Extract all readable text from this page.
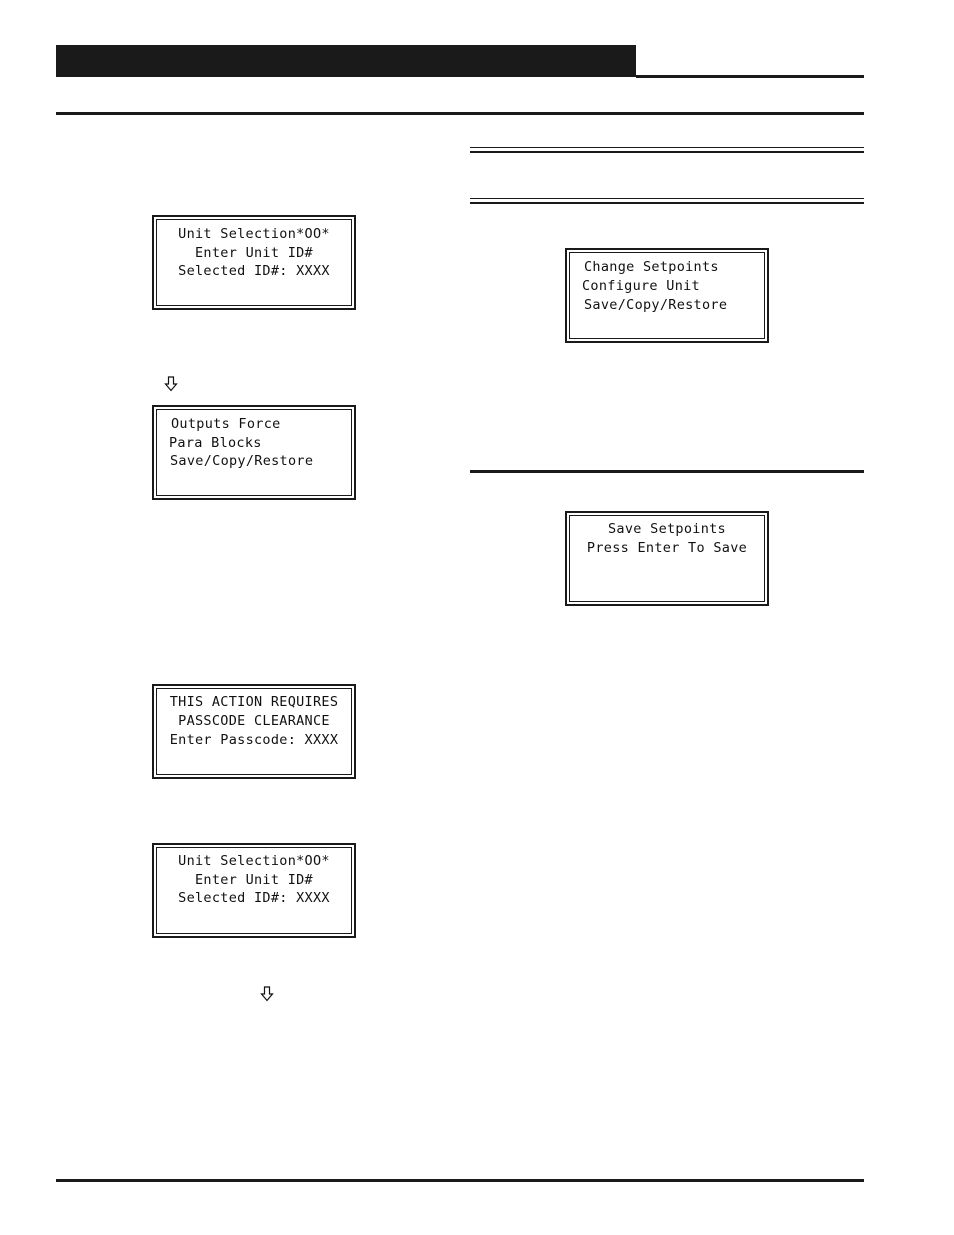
Unit Selection*OO*
Enter Unit ID#
Selected ID#: XXXX
Outputs Force
Para Blocks
Save/Copy/Restore
THIS ACTION REQUIRES
PASSCODE CLEARANCE
Enter Passcode: XXXX
Unit Selection*OO*
Enter Unit ID#
Selected ID#: XXXX
Change Setpoints
Configure Unit
Save/Copy/Restore
Save Setpoints
Press Enter To Save
